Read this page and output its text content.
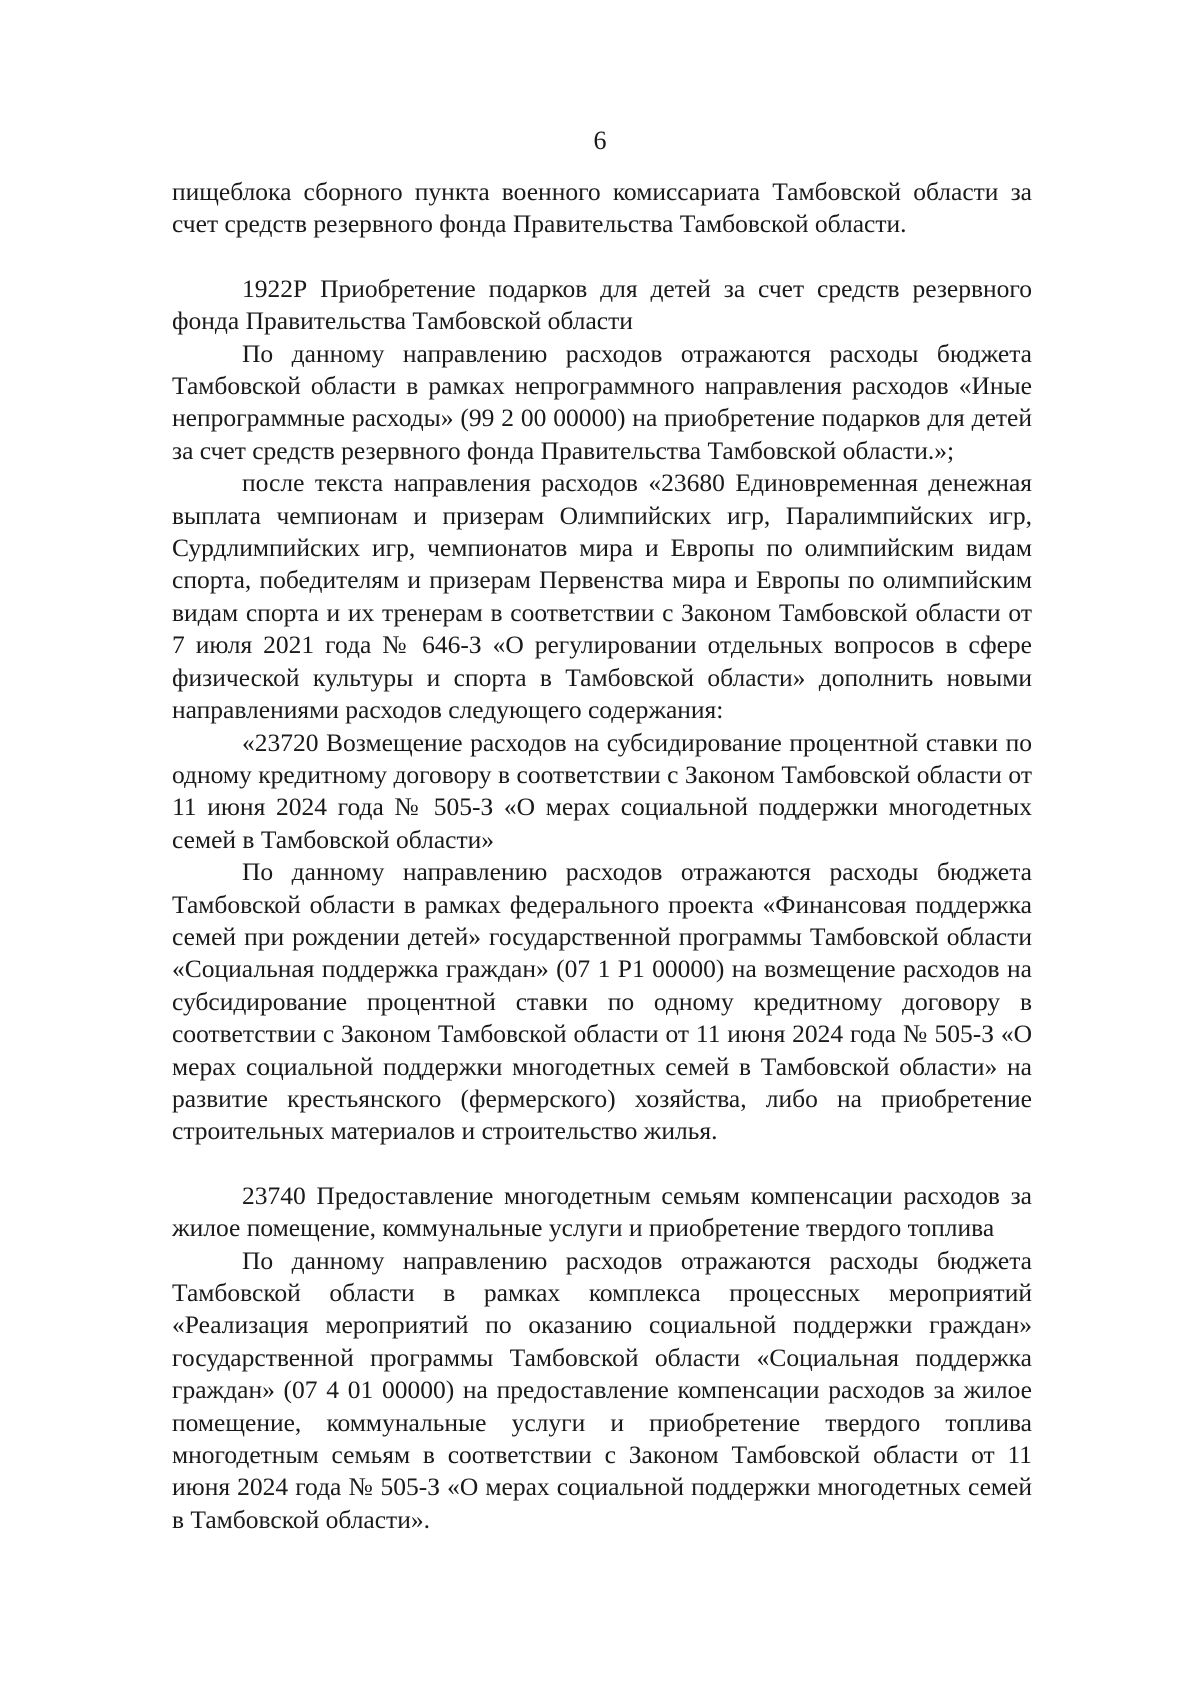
6

пищеблока сборного пункта военного комиссариата Тамбовской области за счет средств резервного фонда Правительства Тамбовской области.

1922Р Приобретение подарков для детей за счет средств резервного фонда Правительства Тамбовской области

По данному направлению расходов отражаются расходы бюджета Тамбовской области в рамках непрограммного направления расходов «Иные непрограммные расходы» (99 2 00 00000) на приобретение подарков для детей за счет средств резервного фонда Правительства Тамбовской области.»;

после текста направления расходов «23680 Единовременная денежная выплата чемпионам и призерам Олимпийских игр, Паралимпийских игр, Сурдлимпийских игр, чемпионатов мира и Европы по олимпийским видам спорта, победителям и призерам Первенства мира и Европы по олимпийским видам спорта и их тренерам в соответствии с Законом Тамбовской области от 7 июля 2021 года № 646-З «О регулировании отдельных вопросов в сфере физической культуры и спорта в Тамбовской области» дополнить новыми направлениями расходов следующего содержания:

«23720 Возмещение расходов на субсидирование процентной ставки по одному кредитному договору в соответствии с Законом Тамбовской области от 11 июня 2024 года № 505-З «О мерах социальной поддержки многодетных семей в Тамбовской области»

По данному направлению расходов отражаются расходы бюджета Тамбовской области в рамках федерального проекта «Финансовая поддержка семей при рождении детей» государственной программы Тамбовской области «Социальная поддержка граждан» (07 1 Р1 00000) на возмещение расходов на субсидирование процентной ставки по одному кредитному договору в соответствии с Законом Тамбовской области от 11 июня 2024 года № 505-З «О мерах социальной поддержки многодетных семей в Тамбовской области» на развитие крестьянского (фермерского) хозяйства, либо на приобретение строительных материалов и строительство жилья.

23740 Предоставление многодетным семьям компенсации расходов за жилое помещение, коммунальные услуги и приобретение твердого топлива

По данному направлению расходов отражаются расходы бюджета Тамбовской области в рамках комплекса процессных мероприятий «Реализация мероприятий по оказанию социальной поддержки граждан» государственной программы Тамбовской области «Социальная поддержка граждан» (07 4 01 00000) на предоставление компенсации расходов за жилое помещение, коммунальные услуги и приобретение твердого топлива многодетным семьям в соответствии с Законом Тамбовской области от 11 июня 2024 года № 505-З «О мерах социальной поддержки многодетных семей в Тамбовской области».
